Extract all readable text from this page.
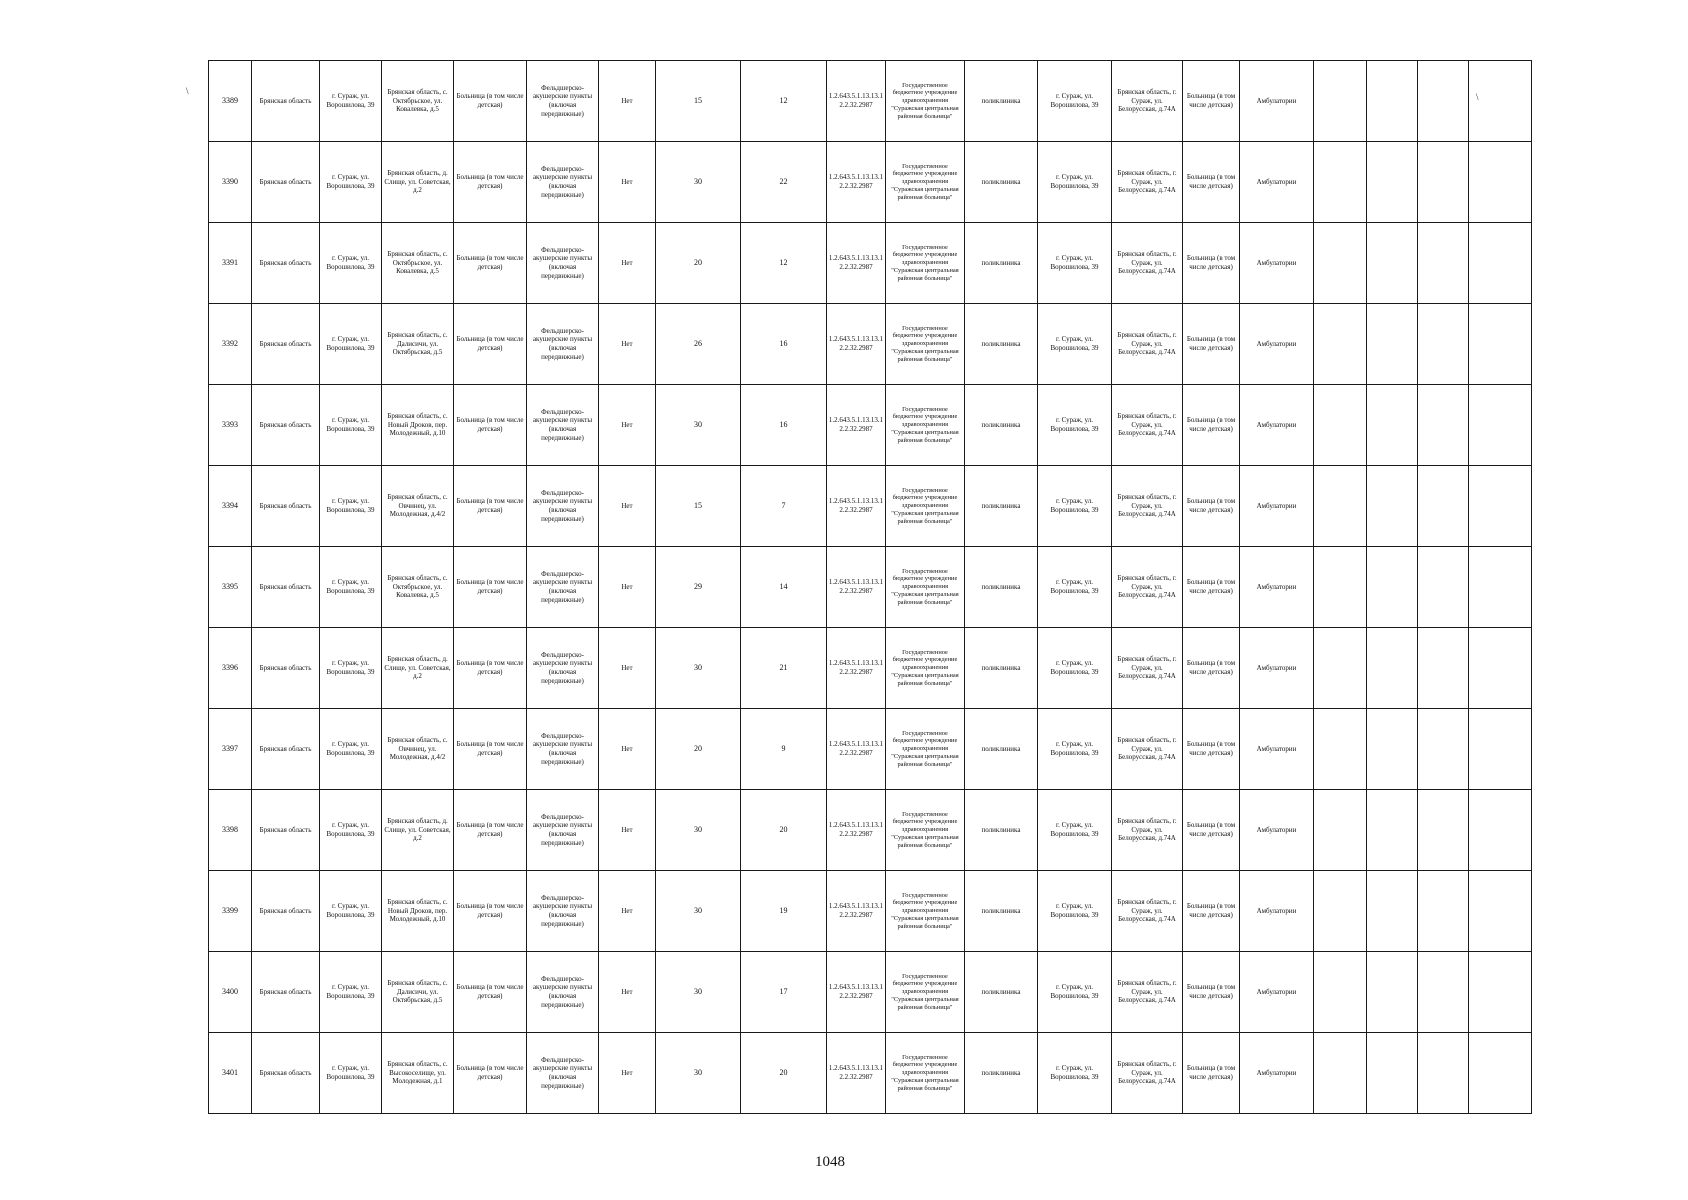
\
\
3389	Брянская область	г. Сураж, ул. Ворошилова, 39	Брянская область, с. Октябрьское, ул. Ковалевка, д.5	Больница (в том числе детская)	Фельдшерско-акушерские пункты (включая передвижные)	Нет	15	12	1.2.643.5.1.13.13.12.2.32.2987	Государственное бюджетное учреждение здравоохранения "Суражская центральная районная больница"	поликлиника	г. Сураж, ул. Ворошилова, 39	Брянская область, г. Сураж, ул. Белорусская, д.74А	Больница (в том числе детская)	Амбулатории				
3390	Брянская область	г. Сураж, ул. Ворошилова, 39	Брянская область, д. Слище, ул. Советская, д.2	Больница (в том числе детская)	Фельдшерско-акушерские пункты (включая передвижные)	Нет	30	22	1.2.643.5.1.13.13.12.2.32.2987	Государственное бюджетное учреждение здравоохранения "Суражская центральная районная больница"	поликлиника	г. Сураж, ул. Ворошилова, 39	Брянская область, г. Сураж, ул. Белорусская, д.74А	Больница (в том числе детская)	Амбулатории				
3391	Брянская область	г. Сураж, ул. Ворошилова, 39	Брянская область, с. Октябрьское, ул. Ковалевка, д.5	Больница (в том числе детская)	Фельдшерско-акушерские пункты (включая передвижные)	Нет	20	12	1.2.643.5.1.13.13.12.2.32.2987	Государственное бюджетное учреждение здравоохранения "Суражская центральная районная больница"	поликлиника	г. Сураж, ул. Ворошилова, 39	Брянская область, г. Сураж, ул. Белорусская, д.74А	Больница (в том числе детская)	Амбулатории				
3392	Брянская область	г. Сураж, ул. Ворошилова, 39	Брянская область, с. Далисичи, ул. Октябрьская, д.5	Больница (в том числе детская)	Фельдшерско-акушерские пункты (включая передвижные)	Нет	26	16	1.2.643.5.1.13.13.12.2.32.2987	Государственное бюджетное учреждение здравоохранения "Суражская центральная районная больница"	поликлиника	г. Сураж, ул. Ворошилова, 39	Брянская область, г. Сураж, ул. Белорусская, д.74А	Больница (в том числе детская)	Амбулатории				
3393	Брянская область	г. Сураж, ул. Ворошилова, 39	Брянская область, с. Новый Дроков, пер. Молодежный, д.10	Больница (в том числе детская)	Фельдшерско-акушерские пункты (включая передвижные)	Нет	30	16	1.2.643.5.1.13.13.12.2.32.2987	Государственное бюджетное учреждение здравоохранения "Суражская центральная районная больница"	поликлиника	г. Сураж, ул. Ворошилова, 39	Брянская область, г. Сураж, ул. Белорусская, д.74А	Больница (в том числе детская)	Амбулатории				
3394	Брянская область	г. Сураж, ул. Ворошилова, 39	Брянская область, с. Овчинец, ул. Молодежная, д.4/2	Больница (в том числе детская)	Фельдшерско-акушерские пункты (включая передвижные)	Нет	15	7	1.2.643.5.1.13.13.12.2.32.2987	Государственное бюджетное учреждение здравоохранения "Суражская центральная районная больница"	поликлиника	г. Сураж, ул. Ворошилова, 39	Брянская область, г. Сураж, ул. Белорусская, д.74А	Больница (в том числе детская)	Амбулатории				
3395	Брянская область	г. Сураж, ул. Ворошилова, 39	Брянская область, с. Октябрьское, ул. Ковалевка, д.5	Больница (в том числе детская)	Фельдшерско-акушерские пункты (включая передвижные)	Нет	29	14	1.2.643.5.1.13.13.12.2.32.2987	Государственное бюджетное учреждение здравоохранения "Суражская центральная районная больница"	поликлиника	г. Сураж, ул. Ворошилова, 39	Брянская область, г. Сураж, ул. Белорусская, д.74А	Больница (в том числе детская)	Амбулатории				
3396	Брянская область	г. Сураж, ул. Ворошилова, 39	Брянская область, д. Слище, ул. Советская, д.2	Больница (в том числе детская)	Фельдшерско-акушерские пункты (включая передвижные)	Нет	30	21	1.2.643.5.1.13.13.12.2.32.2987	Государственное бюджетное учреждение здравоохранения "Суражская центральная районная больница"	поликлиника	г. Сураж, ул. Ворошилова, 39	Брянская область, г. Сураж, ул. Белорусская, д.74А	Больница (в том числе детская)	Амбулатории				
3397	Брянская область	г. Сураж, ул. Ворошилова, 39	Брянская область, с. Овчинец, ул. Молодежная, д.4/2	Больница (в том числе детская)	Фельдшерско-акушерские пункты (включая передвижные)	Нет	20	9	1.2.643.5.1.13.13.12.2.32.2987	Государственное бюджетное учреждение здравоохранения "Суражская центральная районная больница"	поликлиника	г. Сураж, ул. Ворошилова, 39	Брянская область, г. Сураж, ул. Белорусская, д.74А	Больница (в том числе детская)	Амбулатории				
3398	Брянская область	г. Сураж, ул. Ворошилова, 39	Брянская область, д. Слище, ул. Советская, д.2	Больница (в том числе детская)	Фельдшерско-акушерские пункты (включая передвижные)	Нет	30	20	1.2.643.5.1.13.13.12.2.32.2987	Государственное бюджетное учреждение здравоохранения "Суражская центральная районная больница"	поликлиника	г. Сураж, ул. Ворошилова, 39	Брянская область, г. Сураж, ул. Белорусская, д.74А	Больница (в том числе детская)	Амбулатории				
3399	Брянская область	г. Сураж, ул. Ворошилова, 39	Брянская область, с. Новый Дроков, пер. Молодежный, д.10	Больница (в том числе детская)	Фельдшерско-акушерские пункты (включая передвижные)	Нет	30	19	1.2.643.5.1.13.13.12.2.32.2987	Государственное бюджетное учреждение здравоохранения "Суражская центральная районная больница"	поликлиника	г. Сураж, ул. Ворошилова, 39	Брянская область, г. Сураж, ул. Белорусская, д.74А	Больница (в том числе детская)	Амбулатории				
3400	Брянская область	г. Сураж, ул. Ворошилова, 39	Брянская область, с. Далисичи, ул. Октябрьская, д.5	Больница (в том числе детская)	Фельдшерско-акушерские пункты (включая передвижные)	Нет	30	17	1.2.643.5.1.13.13.12.2.32.2987	Государственное бюджетное учреждение здравоохранения "Суражская центральная районная больница"	поликлиника	г. Сураж, ул. Ворошилова, 39	Брянская область, г. Сураж, ул. Белорусская, д.74А	Больница (в том числе детская)	Амбулатории				
3401	Брянская область	г. Сураж, ул. Ворошилова, 39	Брянская область, с. Высокоселище, ул. Молодежная, д.1	Больница (в том числе детская)	Фельдшерско-акушерские пункты (включая передвижные)	Нет	30	20	1.2.643.5.1.13.13.12.2.32.2987	Государственное бюджетное учреждение здравоохранения "Суражская центральная районная больница"	поликлиника	г. Сураж, ул. Ворошилова, 39	Брянская область, г. Сураж, ул. Белорусская, д.74А	Больница (в том числе детская)	Амбулатории				
1048
